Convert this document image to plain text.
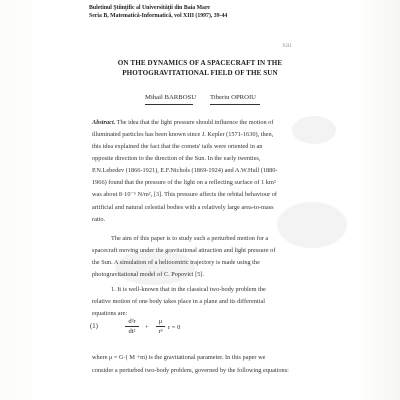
Buletinul Ştiinţific al Universităţii din Baia Mare
Seria B, Matematică-Informatică, vol XIII (1997), 39-44
XIII
ON THE DYNAMICS OF A SPACECRAFT IN THE
PHOTOGRAVITATIONAL FIELD OF THE SUN
Mihail BARBOSU Tiberiu OPROIU
Abstract. The idea that the light pressure should influence the motion of
illuminated particles has been known since J. Kepler (1571-1630), then,
this idea explained the fact that the comets' tails were oriented in an
opposite direction to the direction of the Sun. In the early twenties,
P.N.Lebedev (1866-1921), E.F.Nichols (1869-1924) and A.W.Hull (1880-
1966) found that the pressure of the light on a reflecting surface of 1 km²
was about 8·10⁻⁶ N/m², [3]. This pressure affects the orbital behaviour of
artificial and natural celestial bodies with a relatively large area-to-mass
ratio.
The aim of this paper is to study such a perturbed motion for a
spacecraft moving under the gravitational attraction and light pressure of
the Sun. A simulation of a heliocentric trajectory is made using the
photogravitational model of C. Popovici [5].
1. It is well-known that in the classical two-body problem the
relative motion of one body takes place in a plane and its differential
equations are:
(1)
d²r
dt²
+
μ
r³
r = 0
where μ = G·( M +m) is the gravitational parameter. In this paper we
consider a perturbed two-body problem, governed by the following equations:
